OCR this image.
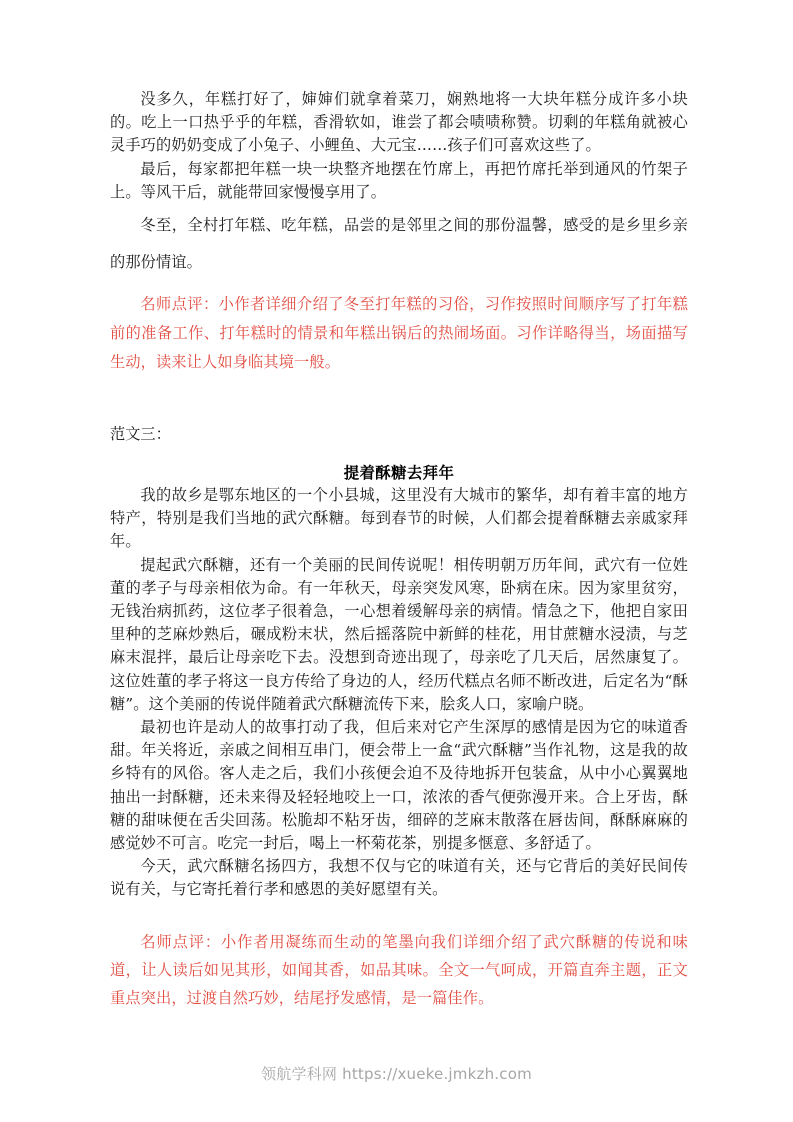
没多久，年糕打好了，婶婶们就拿着菜刀，娴熟地将一大块年糕分成许多小块的。吃上一口热乎乎的年糕，香滑软如，谁尝了都会啧啧称赞。切剩的年糕角就被心灵手巧的奶奶变成了小兔子、小鲤鱼、大元宝……孩子们可喜欢这些了。

最后，每家都把年糕一块一块整齐地摆在竹席上，再把竹席托举到通风的竹架子上。等风干后，就能带回家慢慢享用了。

冬至，全村打年糕、吃年糕，品尝的是邻里之间的那份温馨，感受的是乡里乡亲的那份情谊。

名师点评：小作者详细介绍了冬至打年糕的习俗，习作按照时间顺序写了打年糕前的准备工作、打年糕时的情景和年糕出锅后的热闹场面。习作详略得当，场面描写生动，读来让人如身临其境一般。

范文三：

提着酥糖去拜年

我的故乡是鄂东地区的一个小县城，这里没有大城市的繁华，却有着丰富的地方特产，特别是我们当地的武穴酥糖。每到春节的时候，人们都会提着酥糖去亲戚家拜年。

提起武穴酥糖，还有一个美丽的民间传说呢！相传明朝万历年间，武穴有一位姓董的孝子与母亲相依为命。有一年秋天，母亲突发风寒，卧病在床。因为家里贫穷，无钱治病抓药，这位孝子很着急，一心想着缓解母亲的病情。情急之下，他把自家田里种的芝麻炒熟后，碾成粉末状，然后摇落院中新鲜的桂花，用甘蔗糖水浸渍，与芝麻末混拌，最后让母亲吃下去。没想到奇迹出现了，母亲吃了几天后，居然康复了。这位姓董的孝子将这一良方传给了身边的人，经历代糕点名师不断改进，后定名为“酥糖”。这个美丽的传说伴随着武穴酥糖流传下来，脍炙人口，家喻户晓。

最初也许是动人的故事打动了我，但后来对它产生深厚的感情是因为它的味道香甜。年关将近，亲戚之间相互串门，便会带上一盒“武穴酥糖”当作礼物，这是我的故乡特有的风俗。客人走之后，我们小孩便会迫不及待地拆开包装盒，从中小心翼翼地抽出一封酥糖，还未来得及轻轻地咬上一口，浓浓的香气便弥漫开来。合上牙齿，酥糖的甜味便在舌尖回荡。松脆却不粘牙齿，细碎的芝麻末散落在唇齿间，酥酥麻麻的感觉妙不可言。吃完一封后，喝上一杯菊花茶，别提多惬意、多舒适了。

今天，武穴酥糖名扬四方，我想不仅与它的味道有关，还与它背后的美好民间传说有关，与它寄托着行孝和感恩的美好愿望有关。

名师点评：小作者用凝练而生动的笔墨向我们详细介绍了武穴酥糖的传说和味道，让人读后如见其形，如闻其香，如品其味。全文一气呵成，开篇直奔主题，正文重点突出，过渡自然巧妙，结尾抒发感情，是一篇佳作。

领航学科网 https://xueke.jmkzh.com
